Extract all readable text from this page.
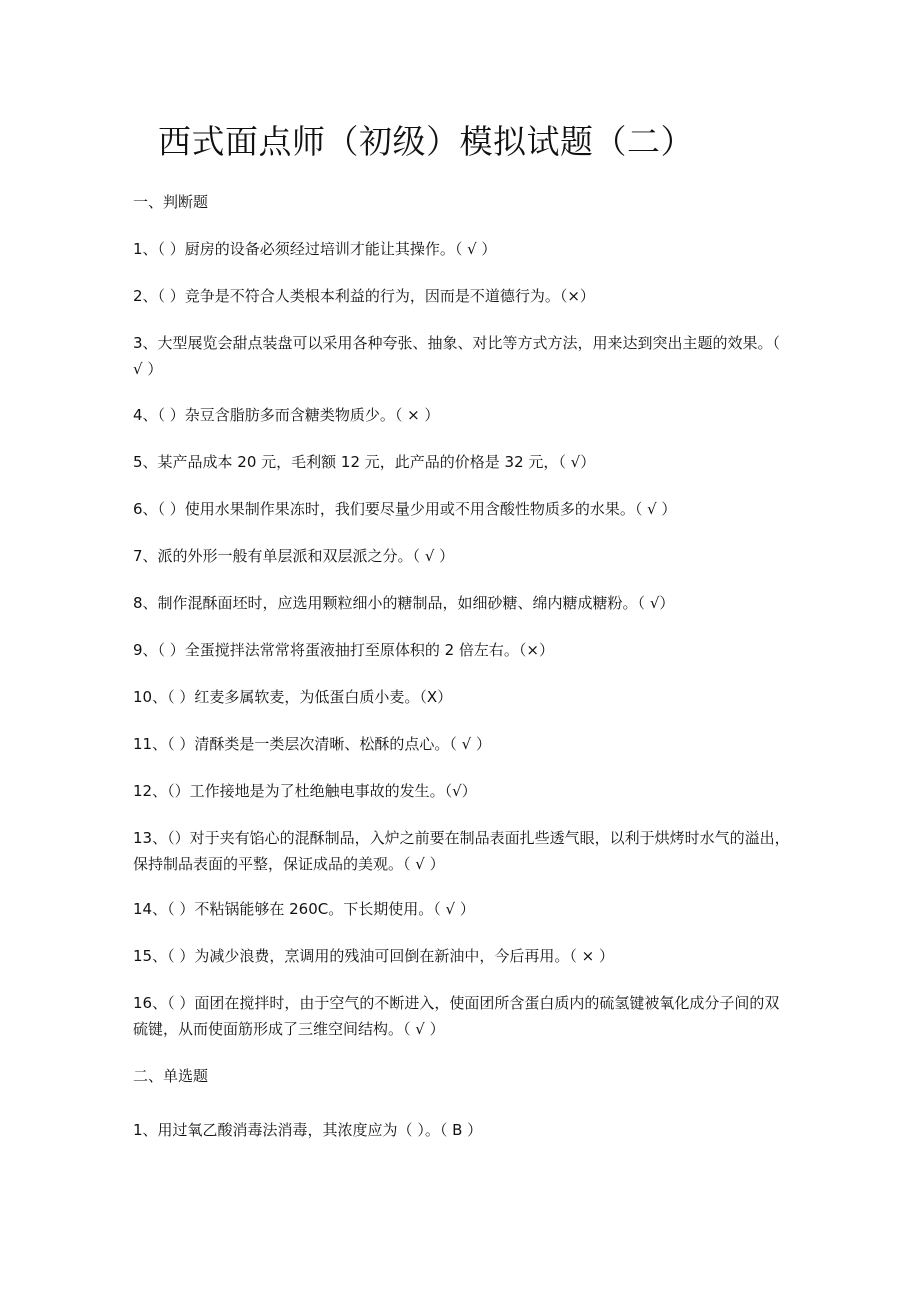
西式面点师（初级）模拟试题（二）

一、判断题

1、（ ）厨房的设备必须经过培训才能让其操作。（ √ ）

2、（ ）竞争是不符合人类根本利益的行为，因而是不道德行为。（×）

3、大型展览会甜点装盘可以采用各种夸张、抽象、对比等方式方法，用来达到突出主题的效果。（ √ ）

4、（ ）杂豆含脂肪多而含糖类物质少。（ × ）

5、某产品成本 20 元，毛利额 12 元，此产品的价格是 32 元，（ √）

6、（ ）使用水果制作果冻时，我们要尽量少用或不用含酸性物质多的水果。（ √ ）

7、派的外形一般有单层派和双层派之分。（ √ ）

8、制作混酥面坯时，应选用颗粒细小的糖制品，如细砂糖、绵内糖成糖粉。（ √）

9、（ ）全蛋搅拌法常常将蛋液抽打至原体积的 2 倍左右。（×）

10、（ ）红麦多属软麦，为低蛋白质小麦。（X）

11、（ ）清酥类是一类层次清晰、松酥的点心。（ √ ）

12、（）工作接地是为了杜绝触电事故的发生。（√）

13、（）对于夹有馅心的混酥制品，入炉之前要在制品表面扎些透气眼，以利于烘烤时水气的溢出，保持制品表面的平整，保证成品的美观。（ √ ）

14、（ ）不粘锅能够在 260C。下长期使用。（ √ ）

15、（ ）为减少浪费，烹调用的残油可回倒在新油中，今后再用。（ × ）

16、（ ）面团在搅拌时，由于空气的不断进入，使面团所含蛋白质内的硫氢键被氧化成分子间的双硫键，从而使面筋形成了三维空间结构。（ √ ）

二、单选题

1、用过氧乙酸消毒法消毒，其浓度应为（ ）。（ B ）
